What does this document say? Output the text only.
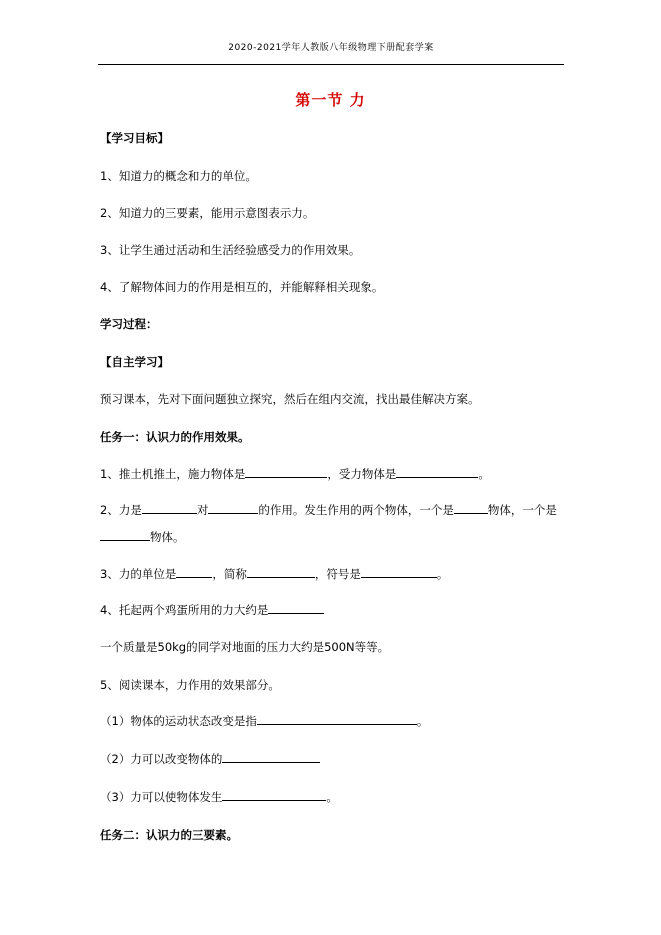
2020-2021学年人教版八年级物理下册配套学案
第一节 力
【学习目标】
1、知道力的概念和力的单位。
2、知道力的三要素，能用示意图表示力。
3、让学生通过活动和生活经验感受力的作用效果。
4、了解物体间力的作用是相互的，并能解释相关现象。
学习过程：
【自主学习】
预习课本，先对下面问题独立探究，然后在组内交流，找出最佳解决方案。
任务一：认识力的作用效果。
1、推土机推土，施力物体是	，受力物体是	。
2、力是	对	的作用。发生作用的两个物体，一个是	物体，一个是
物体。
3、力的单位是	，简称	，符号是	。
4、托起两个鸡蛋所用的力大约是
一个质量是50kg的同学对地面的压力大约是500N等等。
5、阅读课本，力作用的效果部分。
（1）物体的运动状态改变是指	。
（2）力可以改变物体的
（3）力可以使物体发生	。
任务二：认识力的三要素。
